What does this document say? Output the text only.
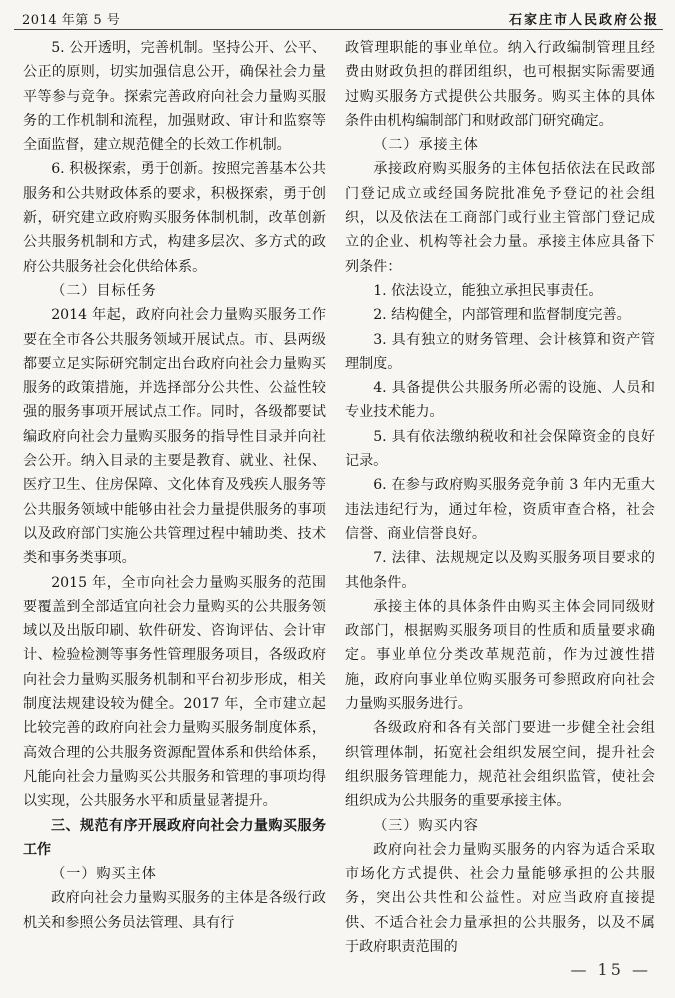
2014 年第 5 号	石家庄市人民政府公报

5. 公开透明，完善机制。坚持公开、公平、公正的原则，切实加强信息公开，确保社会力量平等参与竞争。探索完善政府向社会力量购买服务的工作机制和流程，加强财政、审计和监察等全面监督，建立规范健全的长效工作机制。

6. 积极探索，勇于创新。按照完善基本公共服务和公共财政体系的要求，积极探索，勇于创新，研究建立政府购买服务体制机制，改革创新公共服务机制和方式，构建多层次、多方式的政府公共服务社会化供给体系。

（二）目标任务

2014 年起，政府向社会力量购买服务工作要在全市各公共服务领域开展试点。市、县两级都要立足实际研究制定出台政府向社会力量购买服务的政策措施，并选择部分公共性、公益性较强的服务事项开展试点工作。同时，各级都要试编政府向社会力量购买服务的指导性目录并向社会公开。纳入目录的主要是教育、就业、社保、医疗卫生、住房保障、文化体育及残疾人服务等公共服务领域中能够由社会力量提供服务的事项以及政府部门实施公共管理过程中辅助类、技术类和事务类事项。

2015 年，全市向社会力量购买服务的范围要覆盖到全部适宜向社会力量购买的公共服务领域以及出版印刷、软件研发、咨询评估、会计审计、检验检测等事务性管理服务项目，各级政府向社会力量购买服务机制和平台初步形成，相关制度法规建设较为健全。2017 年，全市建立起比较完善的政府向社会力量购买服务制度体系，高效合理的公共服务资源配置体系和供给体系，凡能向社会力量购买公共服务和管理的事项均得以实现，公共服务水平和质量显著提升。

三、规范有序开展政府向社会力量购买服务工作

（一）购买主体

政府向社会力量购买服务的主体是各级行政机关和参照公务员法管理、具有行

政管理职能的事业单位。纳入行政编制管理且经费由财政负担的群团组织，也可根据实际需要通过购买服务方式提供公共服务。购买主体的具体条件由机构编制部门和财政部门研究确定。

（二）承接主体

承接政府购买服务的主体包括依法在民政部门登记成立或经国务院批准免予登记的社会组织，以及依法在工商部门或行业主管部门登记成立的企业、机构等社会力量。承接主体应具备下列条件：

1. 依法设立，能独立承担民事责任。

2. 结构健全，内部管理和监督制度完善。

3. 具有独立的财务管理、会计核算和资产管理制度。

4. 具备提供公共服务所必需的设施、人员和专业技术能力。

5. 具有依法缴纳税收和社会保障资金的良好记录。

6. 在参与政府购买服务竞争前 3 年内无重大违法违纪行为，通过年检，资质审查合格，社会信誉、商业信誉良好。

7. 法律、法规规定以及购买服务项目要求的其他条件。

承接主体的具体条件由购买主体会同同级财政部门，根据购买服务项目的性质和质量要求确定。事业单位分类改革规范前，作为过渡性措施，政府向事业单位购买服务可参照政府向社会力量购买服务进行。

各级政府和各有关部门要进一步健全社会组织管理体制，拓宽社会组织发展空间，提升社会组织服务管理能力，规范社会组织监管，使社会组织成为公共服务的重要承接主体。

（三）购买内容

政府向社会力量购买服务的内容为适合采取市场化方式提供、社会力量能够承担的公共服务，突出公共性和公益性。对应当政府直接提供、不适合社会力量承担的公共服务，以及不属于政府职责范围的

— 15 —
